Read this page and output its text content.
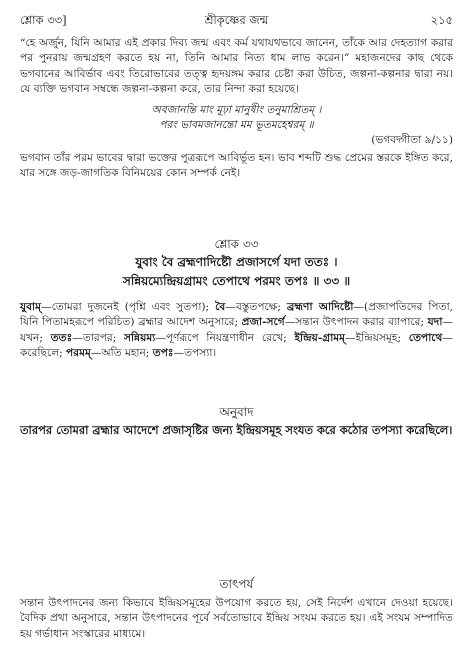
শ্লোক ৩৩]	শ্রীকৃষ্ণের জন্ম	২১৫

“হে অর্জুন, যিনি আমার এই প্রকার দিব্য জন্ম এবং কর্ম যথাযথভাবে জানেন, তাঁকে আর দেহত্যাগ করার পর পুনরায় জন্মগ্রহণ করতে হয় না, তিনি আমার নিত্য ধাম লাভ করেন।” মহাজনদের কাছ থেকে ভগবানের আবির্ভাব এবং তিরোভাবের তত্ত্ব হৃদয়ঙ্গম করার চেষ্টা করা উচিত, জল্পনা-কল্পনার দ্বারা নয়। যে ব্যক্তি ভগবান সম্বন্ধে জল্পনা-কল্পনা করে, তার নিন্দা করা হয়েছে।

অবজানন্তি মাং মূঢ়া মানুষীং তনুমাশ্রিতম্ ।
পরং ভাবমজানন্তো মম ভূতমহেশ্বরম্ ॥
(ভগবদ্গীতা ৯/১১)

ভগবান তাঁর পরম ভাবের দ্বারা ভক্তের পুত্ররূপে আবির্ভূত হন। ভাব শব্দটি শুদ্ধ প্রেমের স্তরকে ইঙ্গিত করে, যার সঙ্গে জড়-জাগতিক বিনিময়ের কোন সম্পর্ক নেই।

শ্লোক ৩৩
যুবাং বৈ ব্রহ্মণাদিষ্টৌ প্রজাসর্গে যদা ততঃ ।
সন্নিয়ম্যেন্দ্রিয়গ্রামং তেপাথে পরমং তপঃ ॥ ৩৩ ॥

যুবাম্—তোমরা দুজনেই (পৃশ্নি এবং সুতপা); বৈ—বস্তুতপক্ষে; ব্রহ্মণা আদিষ্টৌ—(প্রজাপতিদের পিতা, যিনি পিতামহরূপে পরিচিত) ব্রহ্মার আদেশ অনুসারে; প্রজা-সর্গে—সন্তান উৎপাদন করার ব্যাপারে; যদা—যখন; ততঃ—তারপর; সন্নিয়ম্য—পূর্ণরূপে নিয়ন্ত্রণাধীন রেখে; ইন্দ্রিয়-গ্রামম্—ইন্দ্রিয়সমূহ; তেপাথে—করেছিলে; পরমম্—অতি মহান; তপঃ—তপস্যা।

অনুবাদ

তারপর তোমরা ব্রহ্মার আদেশে প্রজাসৃষ্টির জন্য ইন্দ্রিয়সমূহ সংযত করে কঠোর তপস্যা করেছিলে।

তাৎপর্য

সন্তান উৎপাদনের জন্য কিভাবে ইন্দ্রিয়সমূহের উপযোগ করতে হয়, সেই নির্দেশ এখানে দেওয়া হয়েছে। বৈদিক প্রথা অনুসারে, সন্তান উৎপাদনের পূর্বে সর্বতোভাবে ইন্দ্রিয় সংযম করতে হয়। এই সংযম সম্পাদিত হয় গর্ভাধান সংস্কারের মাধ্যমে।
